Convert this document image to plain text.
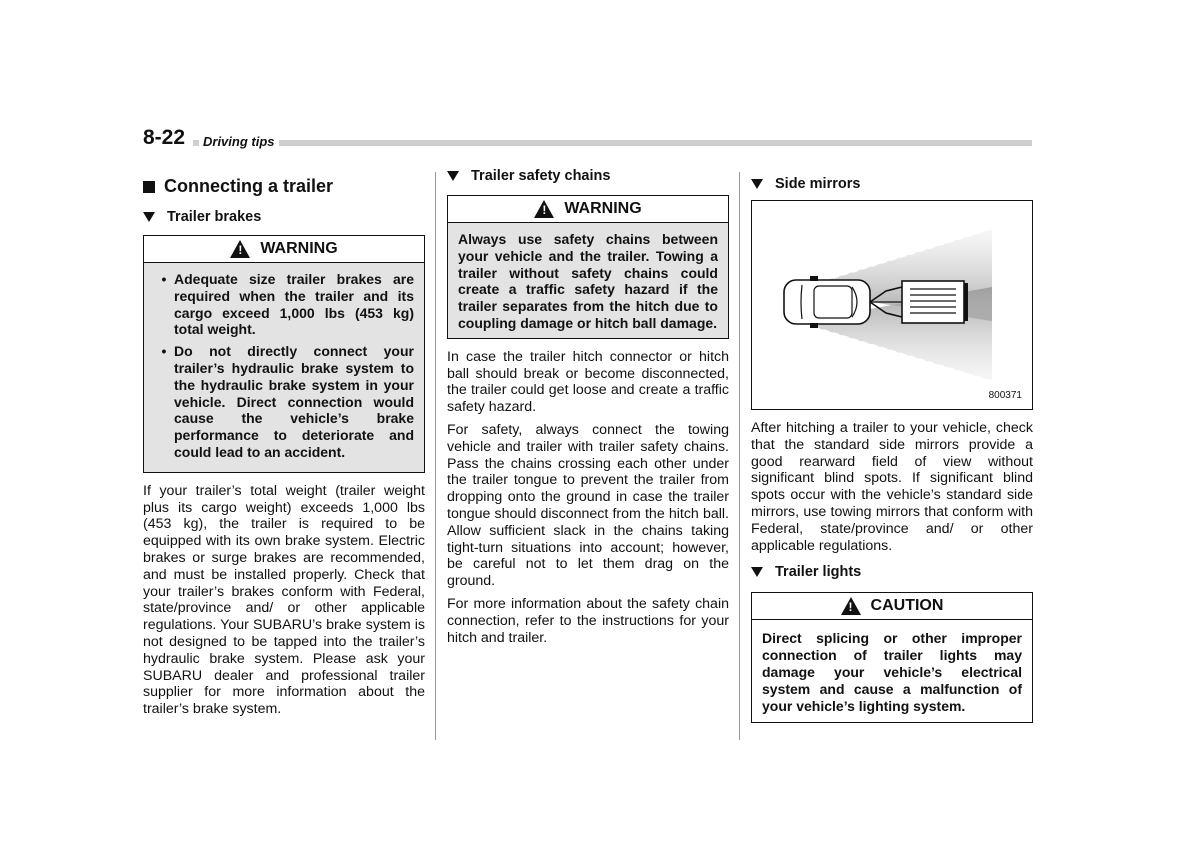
8-22	Driving tips
Connecting a trailer
Trailer brakes
! WARNING
• Adequate size trailer brakes are required when the trailer and its cargo exceed 1,000 lbs (453 kg) total weight.
• Do not directly connect your trailer’s hydraulic brake system to the hydraulic brake system in your vehicle. Direct connection would cause the vehicle’s brake performance to deteriorate and could lead to an accident.

If your trailer’s total weight (trailer weight plus its cargo weight) exceeds 1,000 lbs (453 kg), the trailer is required to be equipped with its own brake system. Electric brakes or surge brakes are recommended, and must be installed properly. Check that your trailer’s brakes conform with Federal, state/province and/ or other applicable regulations. Your SUBARU’s brake system is not designed to be tapped into the trailer’s hydraulic brake system. Please ask your SUBARU dealer and professional trailer supplier for more information about the trailer’s brake system.

Trailer safety chains
! WARNING
Always use safety chains between your vehicle and the trailer. Towing a trailer without safety chains could create a traffic safety hazard if the trailer separates from the hitch due to coupling damage or hitch ball damage.

In case the trailer hitch connector or hitch ball should break or become disconnected, the trailer could get loose and create a traffic safety hazard.

For safety, always connect the towing vehicle and trailer with trailer safety chains. Pass the chains crossing each other under the trailer tongue to prevent the trailer from dropping onto the ground in case the trailer tongue should disconnect from the hitch ball. Allow sufficient slack in the chains taking tight-turn situations into account; however, be careful not to let them drag on the ground.

For more information about the safety chain connection, refer to the instructions for your hitch and trailer.

Side mirrors
800371

After hitching a trailer to your vehicle, check that the standard side mirrors provide a good rearward field of view without significant blind spots. If significant blind spots occur with the vehicle’s standard side mirrors, use towing mirrors that conform with Federal, state/province and/ or other applicable regulations.

Trailer lights
! CAUTION
Direct splicing or other improper connection of trailer lights may damage your vehicle’s electrical system and cause a malfunction of your vehicle’s lighting system.
